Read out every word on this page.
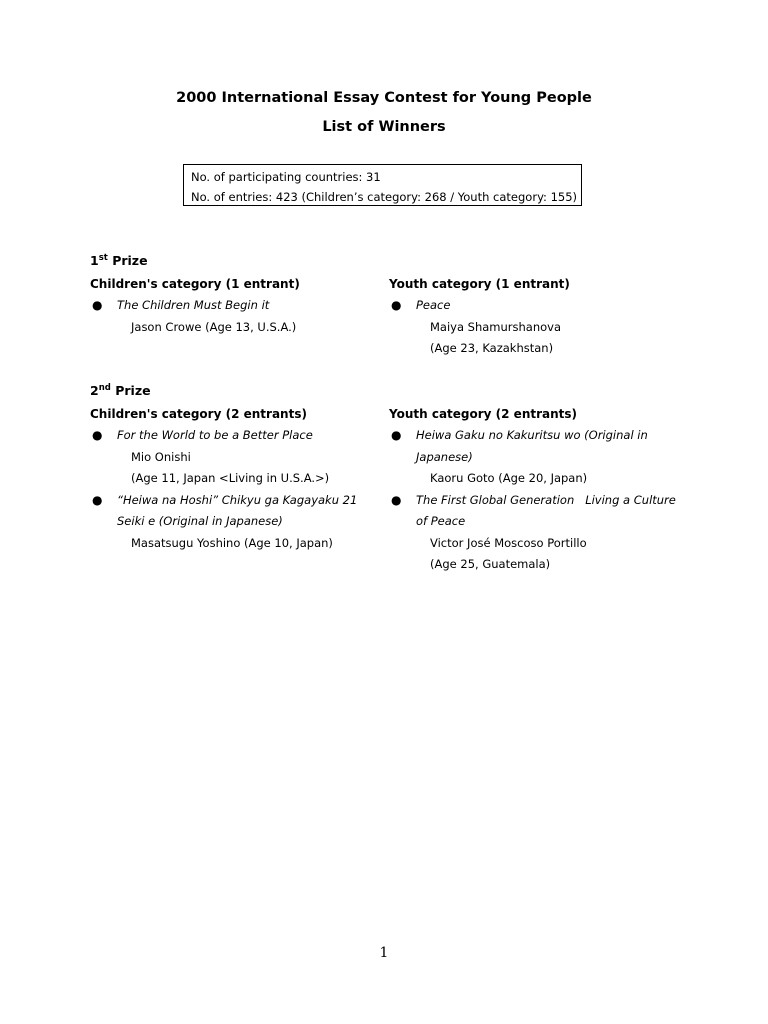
2000 International Essay Contest for Young People
List of Winners
No. of participating countries: 31
No. of entries: 423 (Children’s category: 268 / Youth category: 155)
1st Prize
Children's category (1 entrant)
● The Children Must Begin it
Jason Crowe (Age 13, U.S.A.)
Youth category (1 entrant)
● Peace
Maiya Shamurshanova
(Age 23, Kazakhstan)
2nd Prize
Children's category (2 entrants)
● For the World to be a Better Place
Mio Onishi
(Age 11, Japan <Living in U.S.A.>)
● “Heiwa na Hoshi” Chikyu ga Kagayaku 21 Seiki e (Original in Japanese)
Masatsugu Yoshino (Age 10, Japan)
Youth category (2 entrants)
● Heiwa Gaku no Kakuritsu wo (Original in Japanese)
Kaoru Goto (Age 20, Japan)
● The First Global Generation   Living a Culture of Peace
Victor José Moscoso Portillo
(Age 25, Guatemala)
1
